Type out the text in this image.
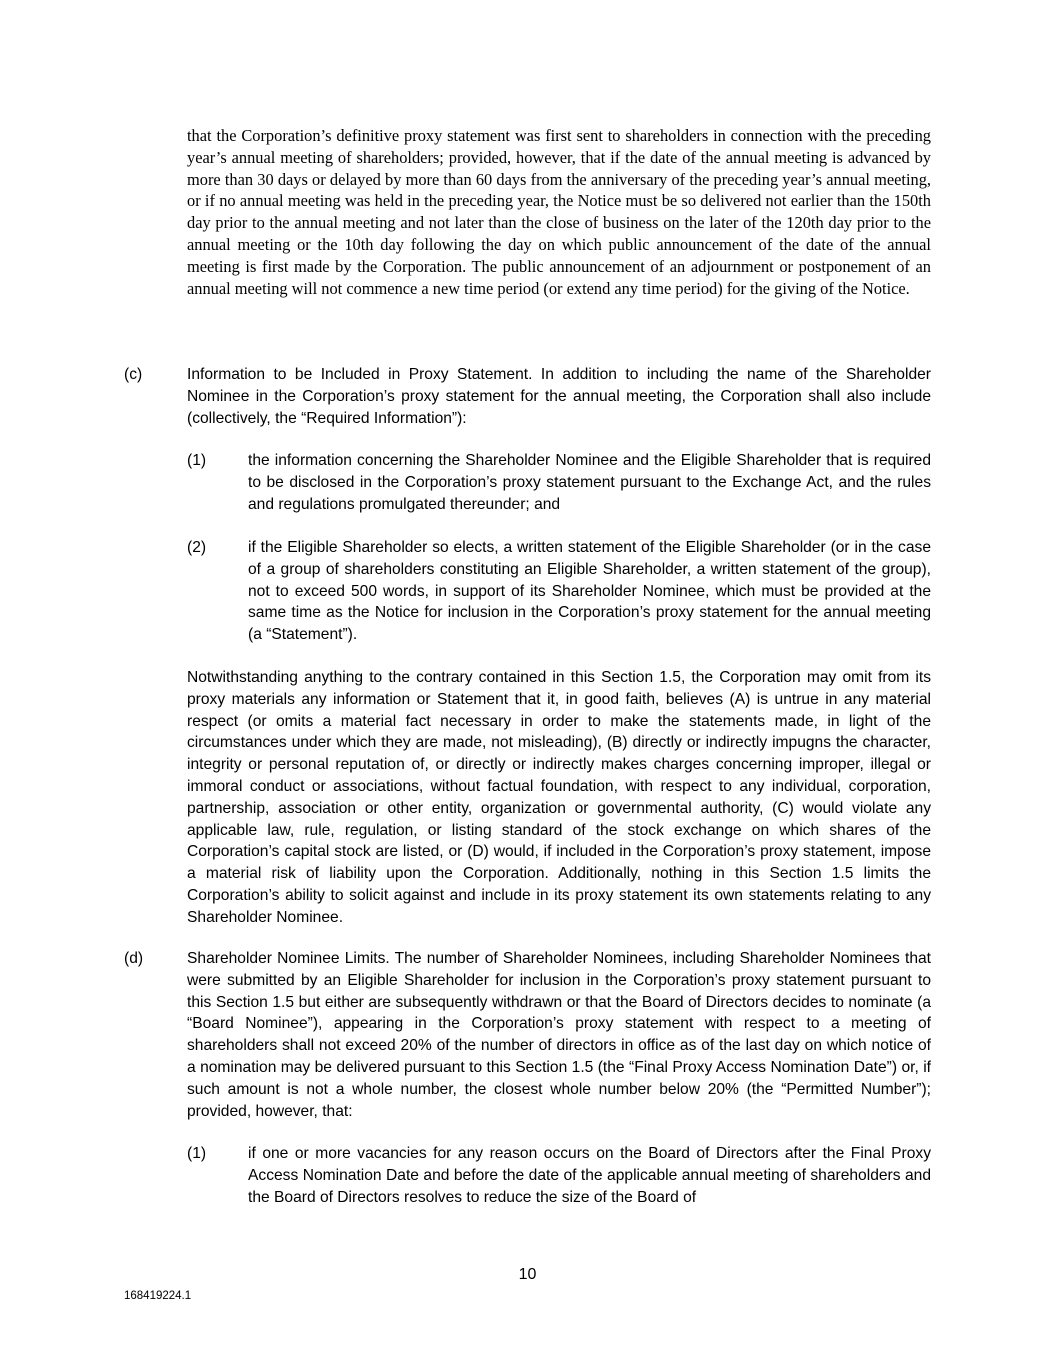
that the Corporation’s definitive proxy statement was first sent to shareholders in connection with the preceding year’s annual meeting of shareholders; provided, however, that if the date of the annual meeting is advanced by more than 30 days or delayed by more than 60 days from the anniversary of the preceding year’s annual meeting, or if no annual meeting was held in the preceding year, the Notice must be so delivered not earlier than the 150th day prior to the annual meeting and not later than the close of business on the later of the 120th day prior to the annual meeting or the 10th day following the day on which public announcement of the date of the annual meeting is first made by the Corporation. The public announcement of an adjournment or postponement of an annual meeting will not commence a new time period (or extend any time period) for the giving of the Notice.

(c)	Information to be Included in Proxy Statement. In addition to including the name of the Shareholder Nominee in the Corporation’s proxy statement for the annual meeting, the Corporation shall also include (collectively, the “Required Information”):

(1)	the information concerning the Shareholder Nominee and the Eligible Shareholder that is required to be disclosed in the Corporation’s proxy statement pursuant to the Exchange Act, and the rules and regulations promulgated thereunder; and

(2)	if the Eligible Shareholder so elects, a written statement of the Eligible Shareholder (or in the case of a group of shareholders constituting an Eligible Shareholder, a written statement of the group), not to exceed 500 words, in support of its Shareholder Nominee, which must be provided at the same time as the Notice for inclusion in the Corporation’s proxy statement for the annual meeting (a “Statement”).

Notwithstanding anything to the contrary contained in this Section 1.5, the Corporation may omit from its proxy materials any information or Statement that it, in good faith, believes (A) is untrue in any material respect (or omits a material fact necessary in order to make the statements made, in light of the circumstances under which they are made, not misleading), (B) directly or indirectly impugns the character, integrity or personal reputation of, or directly or indirectly makes charges concerning improper, illegal or immoral conduct or associations, without factual foundation, with respect to any individual, corporation, partnership, association or other entity, organization or governmental authority, (C) would violate any applicable law, rule, regulation, or listing standard of the stock exchange on which shares of the Corporation’s capital stock are listed, or (D) would, if included in the Corporation’s proxy statement, impose a material risk of liability upon the Corporation. Additionally, nothing in this Section 1.5 limits the Corporation’s ability to solicit against and include in its proxy statement its own statements relating to any Shareholder Nominee.

(d)	Shareholder Nominee Limits. The number of Shareholder Nominees, including Shareholder Nominees that were submitted by an Eligible Shareholder for inclusion in the Corporation’s proxy statement pursuant to this Section 1.5 but either are subsequently withdrawn or that the Board of Directors decides to nominate (a “Board Nominee”), appearing in the Corporation’s proxy statement with respect to a meeting of shareholders shall not exceed 20% of the number of directors in office as of the last day on which notice of a nomination may be delivered pursuant to this Section 1.5 (the “Final Proxy Access Nomination Date”) or, if such amount is not a whole number, the closest whole number below 20% (the “Permitted Number”); provided, however, that:

(1)	if one or more vacancies for any reason occurs on the Board of Directors after the Final Proxy Access Nomination Date and before the date of the applicable annual meeting of shareholders and the Board of Directors resolves to reduce the size of the Board of

10
168419224.1
